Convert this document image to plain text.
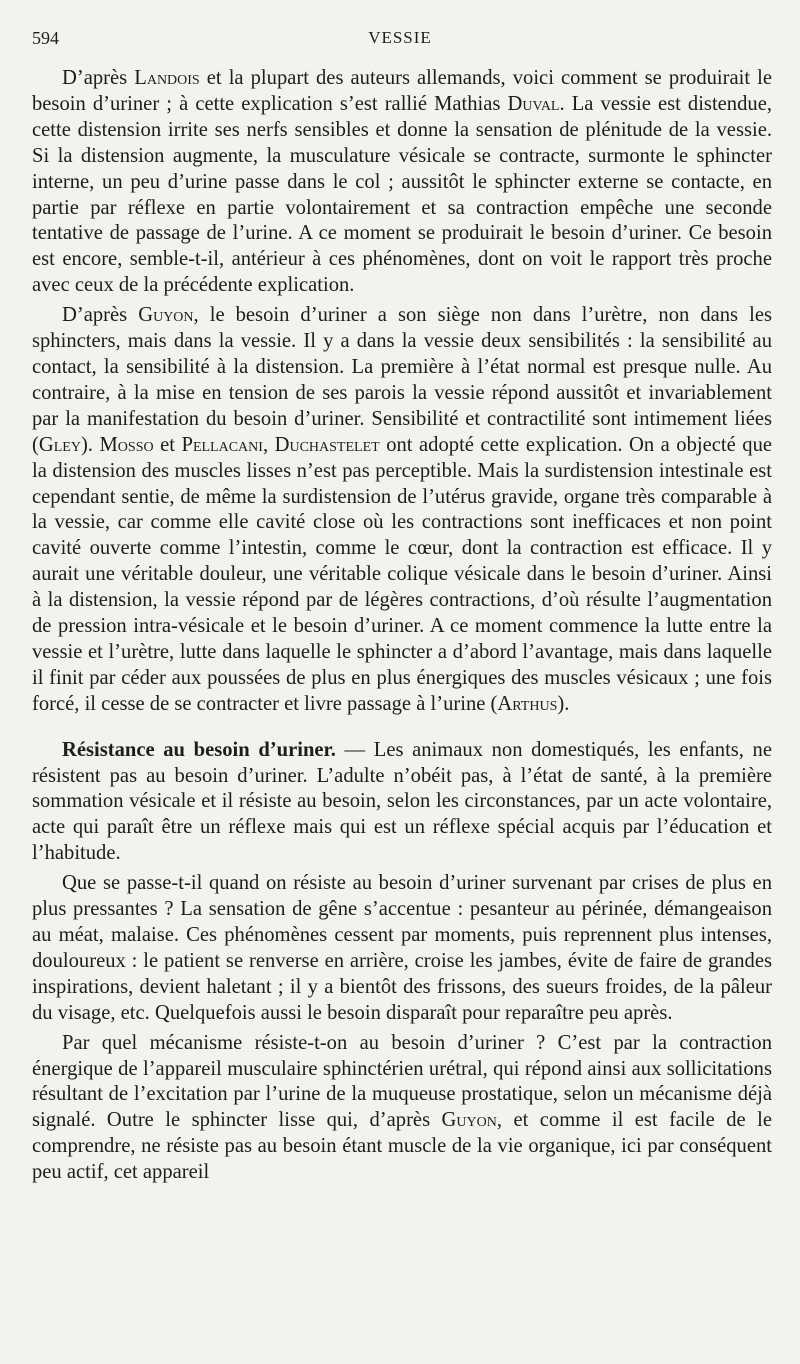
594	VESSIE

D’après Landois et la plupart des auteurs allemands, voici comment se produirait le besoin d’uriner ; à cette explication s’est rallié Mathias Duval. La vessie est distendue, cette distension irrite ses nerfs sensibles et donne la sensation de plénitude de la vessie. Si la distension augmente, la musculature vésicale se contracte, surmonte le sphincter interne, un peu d’urine passe dans le col ; aussitôt le sphincter externe se contacte, en partie par réflexe en partie volontairement et sa contraction empêche une seconde tentative de passage de l’urine. A ce moment se produirait le besoin d’uriner. Ce besoin est encore, semble-t-il, antérieur à ces phénomènes, dont on voit le rapport très proche avec ceux de la précédente explication.

D’après Guyon, le besoin d’uriner a son siège non dans l’urètre, non dans les sphincters, mais dans la vessie. Il y a dans la vessie deux sensibilités : la sensibilité au contact, la sensibilité à la distension. La première à l’état normal est presque nulle. Au contraire, à la mise en tension de ses parois la vessie répond aussitôt et invariablement par la manifestation du besoin d’uriner. Sensibilité et contractilité sont intimement liées (Gley). Mosso et Pellacani, Duchastelet ont adopté cette explication. On a objecté que la distension des muscles lisses n’est pas perceptible. Mais la surdistension intestinale est cependant sentie, de même la surdistension de l’utérus gravide, organe très comparable à la vessie, car comme elle cavité close où les contractions sont inefficaces et non point cavité ouverte comme l’intestin, comme le cœur, dont la contraction est efficace. Il y aurait une véritable douleur, une véritable colique vésicale dans le besoin d’uriner. Ainsi à la distension, la vessie répond par de légères contractions, d’où résulte l’augmentation de pression intra-vésicale et le besoin d’uriner. A ce moment commence la lutte entre la vessie et l’urètre, lutte dans laquelle le sphincter a d’abord l’avantage, mais dans laquelle il finit par céder aux poussées de plus en plus énergiques des muscles vésicaux ; une fois forcé, il cesse de se contracter et livre passage à l’urine (Arthus).

Résistance au besoin d’uriner. — Les animaux non domestiqués, les enfants, ne résistent pas au besoin d’uriner. L’adulte n’obéit pas, à l’état de santé, à la première sommation vésicale et il résiste au besoin, selon les circonstances, par un acte volontaire, acte qui paraît être un réflexe mais qui est un réflexe spécial acquis par l’éducation et l’habitude.

Que se passe-t-il quand on résiste au besoin d’uriner survenant par crises de plus en plus pressantes ? La sensation de gêne s’accentue : pesanteur au périnée, démangeaison au méat, malaise. Ces phénomènes cessent par moments, puis reprennent plus intenses, douloureux : le patient se renverse en arrière, croise les jambes, évite de faire de grandes inspirations, devient haletant ; il y a bientôt des frissons, des sueurs froides, de la pâleur du visage, etc. Quelquefois aussi le besoin disparaît pour reparaître peu après.

Par quel mécanisme résiste-t-on au besoin d’uriner ? C’est par la contraction énergique de l’appareil musculaire sphinctérien urétral, qui répond ainsi aux sollicitations résultant de l’excitation par l’urine de la muqueuse prostatique, selon un mécanisme déjà signalé. Outre le sphincter lisse qui, d’après Guyon, et comme il est facile de le comprendre, ne résiste pas au besoin étant muscle de la vie organique, ici par conséquent peu actif, cet appareil
